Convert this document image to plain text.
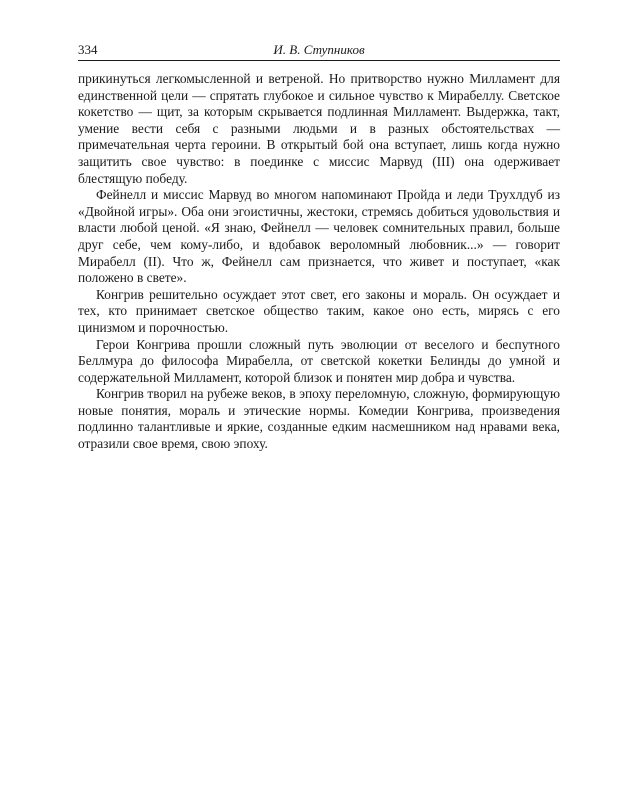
334	И. В. Ступников

прикинуться легкомысленной и ветреной. Но притворство нужно Милламент для единственной цели — спрятать глубокое и сильное чувство к Мирабеллу. Светское кокетство — щит, за которым скрывается подлинная Милламент. Выдержка, такт, умение вести себя с разными людьми и в разных обстоятельствах — примечательная черта героини. В открытый бой она вступает, лишь когда нужно защитить свое чувство: в поединке с миссис Марвуд (III) она одерживает блестящую победу.

Фейнелл и миссис Марвуд во многом напоминают Пройда и леди Трухлдуб из «Двойной игры». Оба они эгоистичны, жестоки, стремясь добиться удовольствия и власти любой ценой. «Я знаю, Фейнелл — человек сомнительных правил, больше друг себе, чем кому-либо, и вдобавок вероломный любовник...» — говорит Мирабелл (II). Что ж, Фейнелл сам признается, что живет и поступает, «как положено в свете».

Конгрив решительно осуждает этот свет, его законы и мораль. Он осуждает и тех, кто принимает светское общество таким, какое оно есть, мирясь с его цинизмом и порочностью.

Герои Конгрива прошли сложный путь эволюции от веселого и беспутного Беллмура до философа Мирабелла, от светской кокетки Белинды до умной и содержательной Милламент, которой близок и понятен мир добра и чувства.

Конгрив творил на рубеже веков, в эпоху переломную, сложную, формирующую новые понятия, мораль и этические нормы. Комедии Конгрива, произведения подлинно талантливые и яркие, созданные едким насмешником над нравами века, отразили свое время, свою эпоху.
